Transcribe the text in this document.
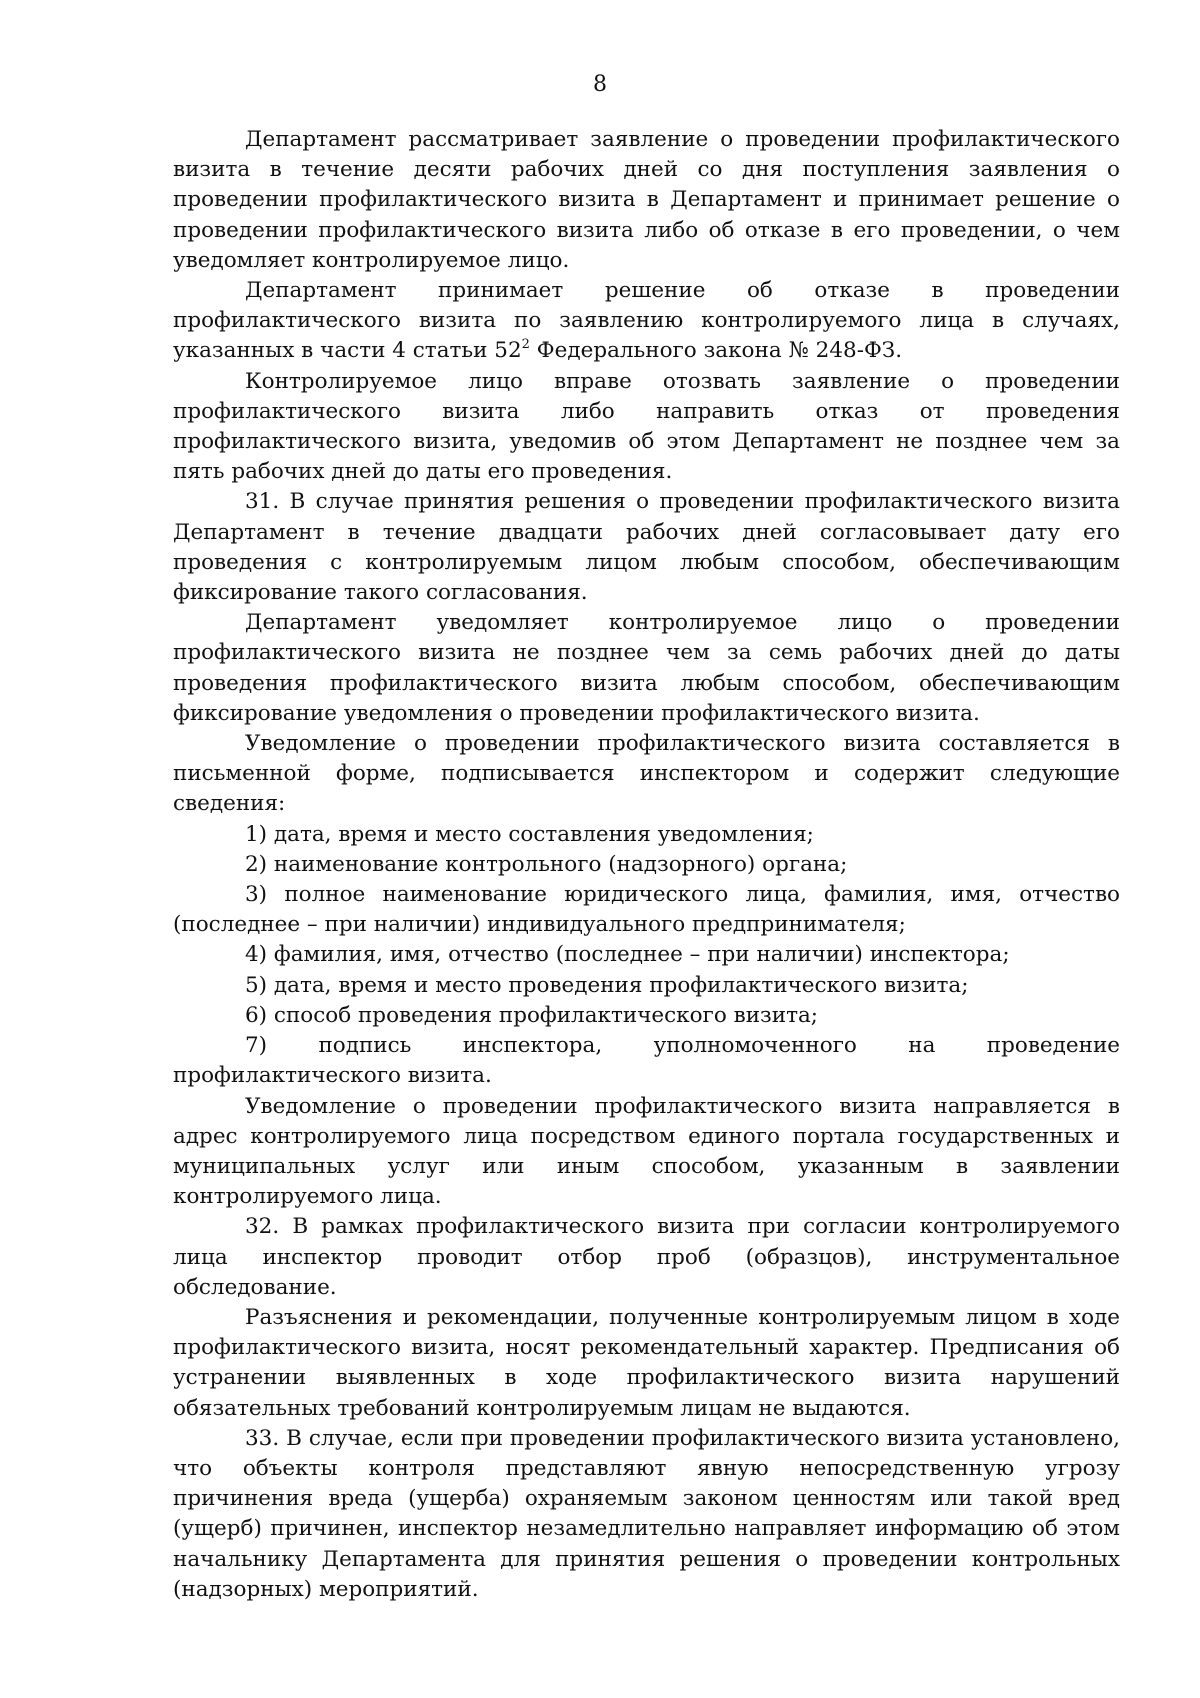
8

Департамент рассматривает заявление о проведении профилактического визита в течение десяти рабочих дней со дня поступления заявления о проведении профилактического визита в Департамент и принимает решение о проведении профилактического визита либо об отказе в его проведении, о чем уведомляет контролируемое лицо.

Департамент принимает решение об отказе в проведении профилактического визита по заявлению контролируемого лица в случаях, указанных в части 4 статьи $52^2$ Федерального закона № 248-ФЗ.

Контролируемое лицо вправе отозвать заявление о проведении профилактического визита либо направить отказ от проведения профилактического визита, уведомив об этом Департамент не позднее чем за пять рабочих дней до даты его проведения.

31. В случае принятия решения о проведении профилактического визита Департамент в течение двадцати рабочих дней согласовывает дату его проведения с контролируемым лицом любым способом, обеспечивающим фиксирование такого согласования.

Департамент уведомляет контролируемое лицо о проведении профилактического визита не позднее чем за семь рабочих дней до даты проведения профилактического визита любым способом, обеспечивающим фиксирование уведомления о проведении профилактического визита.

Уведомление о проведении профилактического визита составляется в письменной форме, подписывается инспектором и содержит следующие сведения:

1) дата, время и место составления уведомления;

2) наименование контрольного (надзорного) органа;

3) полное наименование юридического лица, фамилия, имя, отчество (последнее – при наличии) индивидуального предпринимателя;

4) фамилия, имя, отчество (последнее – при наличии) инспектора;

5) дата, время и место проведения профилактического визита;

6) способ проведения профилактического визита;

7) подпись инспектора, уполномоченного на проведение профилактического визита.

Уведомление о проведении профилактического визита направляется в адрес контролируемого лица посредством единого портала государственных и муниципальных услуг или иным способом, указанным в заявлении контролируемого лица.

32. В рамках профилактического визита при согласии контролируемого лица инспектор проводит отбор проб (образцов), инструментальное обследование.

Разъяснения и рекомендации, полученные контролируемым лицом в ходе профилактического визита, носят рекомендательный характер. Предписания об устранении выявленных в ходе профилактического визита нарушений обязательных требований контролируемым лицам не выдаются.

33. В случае, если при проведении профилактического визита установлено, что объекты контроля представляют явную непосредственную угрозу причинения вреда (ущерба) охраняемым законом ценностям или такой вред (ущерб) причинен, инспектор незамедлительно направляет информацию об этом начальнику Департамента для принятия решения о проведении контрольных (надзорных) мероприятий.
